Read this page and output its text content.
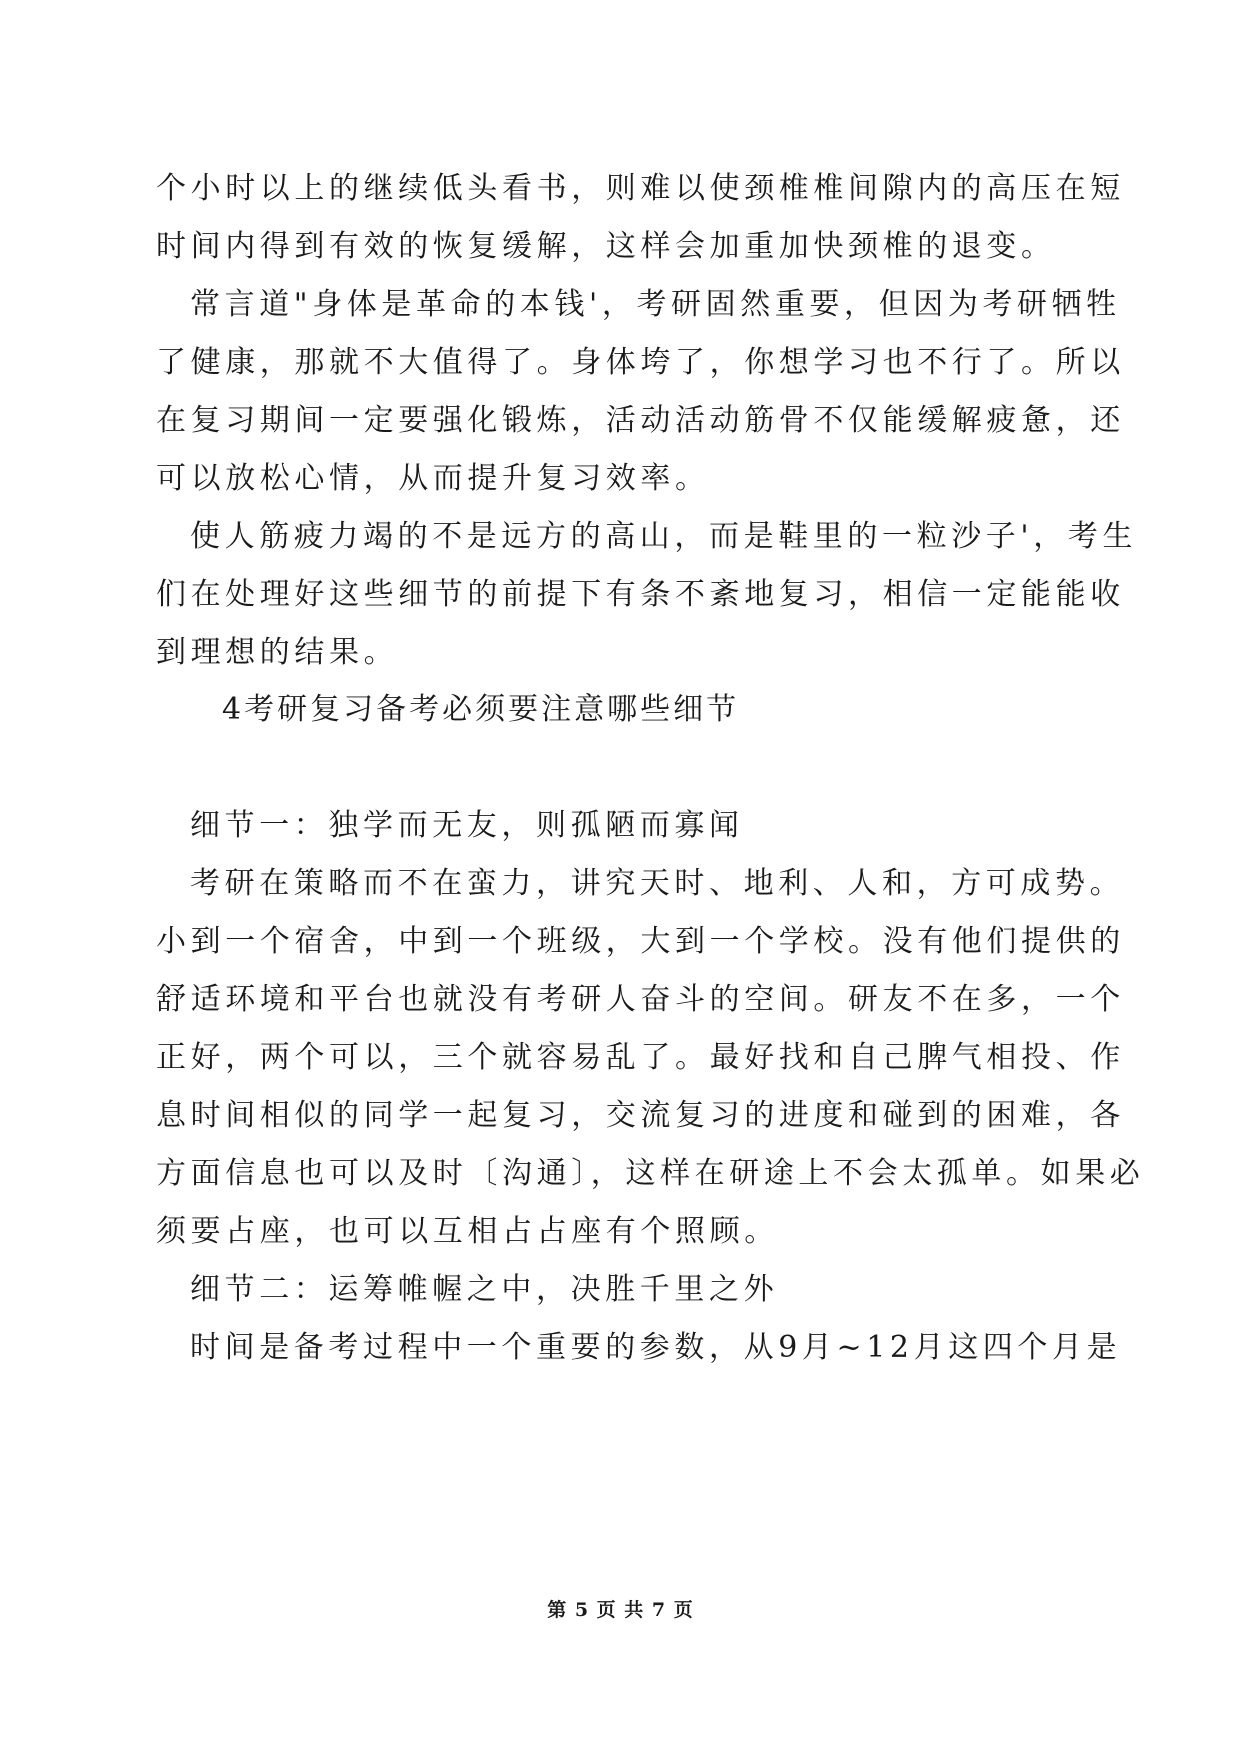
个小时以上的继续低头看书，则难以使颈椎椎间隙内的高压在短
时间内得到有效的恢复缓解，这样会加重加快颈椎的退变。
常言道"身体是革命的本钱'，考研固然重要，但因为考研牺牲
了健康，那就不大值得了。身体垮了，你想学习也不行了。所以
在复习期间一定要强化锻炼，活动活动筋骨不仅能缓解疲惫，还
可以放松心情，从而提升复习效率。
使人筋疲力竭的不是远方的高山，而是鞋里的一粒沙子'，考生
们在处理好这些细节的前提下有条不紊地复习，相信一定能能收
到理想的结果。
4考研复习备考必须要注意哪些细节
细节一：独学而无友，则孤陋而寡闻
考研在策略而不在蛮力，讲究天时、地利、人和，方可成势。
小到一个宿舍，中到一个班级，大到一个学校。没有他们提供的
舒适环境和平台也就没有考研人奋斗的空间。研友不在多，一个
正好，两个可以，三个就容易乱了。最好找和自己脾气相投、作
息时间相似的同学一起复习，交流复习的进度和碰到的困难，各
方面信息也可以及时〔沟通〕，这样在研途上不会太孤单。如果必
须要占座，也可以互相占占座有个照顾。
细节二：运筹帷幄之中，决胜千里之外
时间是备考过程中一个重要的参数，从9月~12月这四个月是
第 5 页 共 7 页
